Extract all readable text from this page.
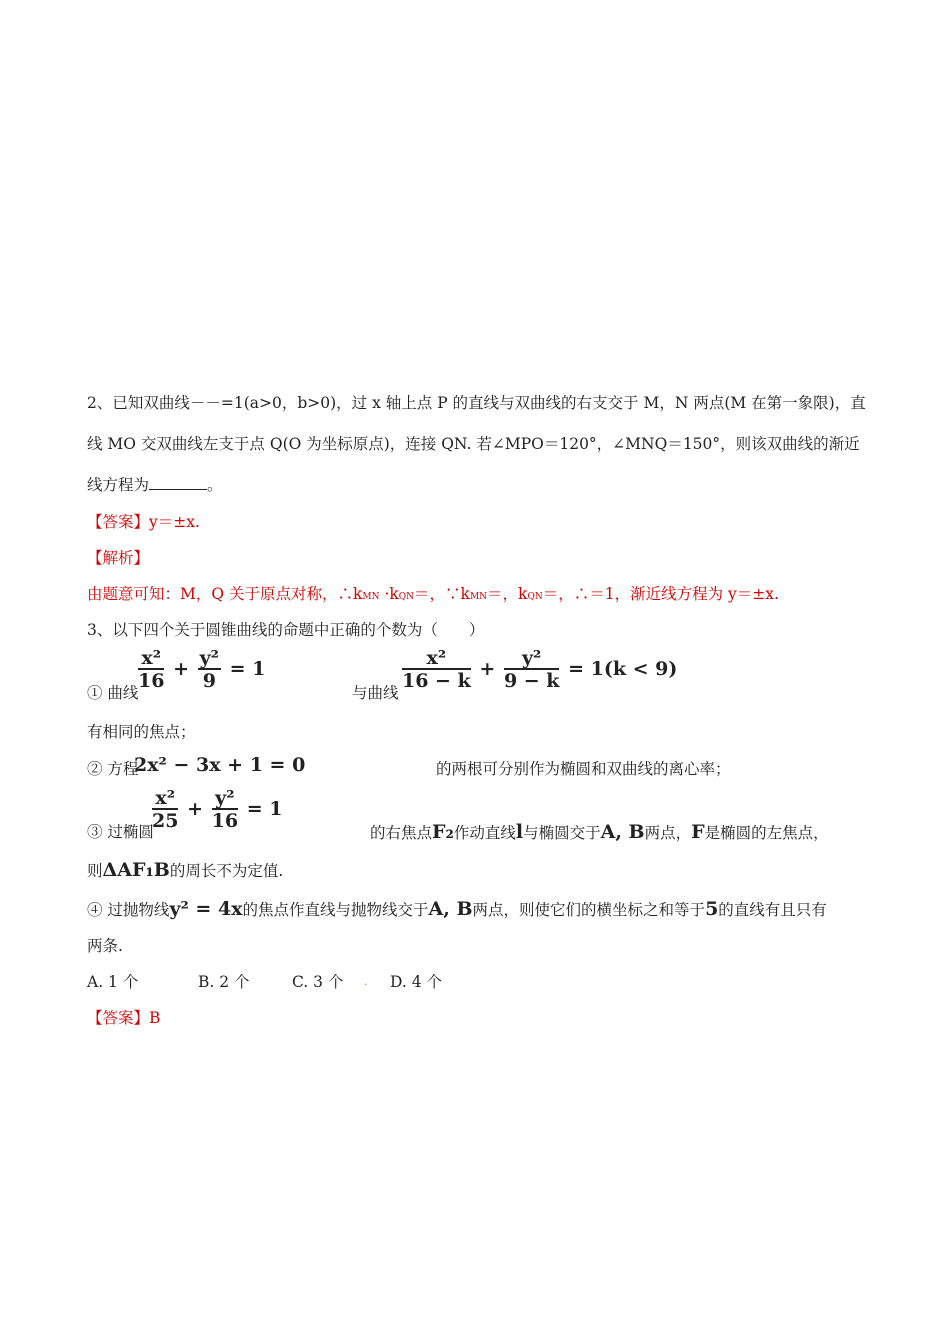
2、已知双曲线－－=1(a>0，b>0)，过 x 轴上点 P 的直线与双曲线的右支交于 M，N 两点(M 在第一象限)，直
线 MO 交双曲线左支于点 Q(O 为坐标原点)，连接 QN. 若∠MPO＝120°，∠MNQ＝150°，则该双曲线的渐近
线方程为	。
【答案】y＝±x.
【解析】
由题意可知：M，Q 关于原点对称，∴kMN ·kQN＝，∵kMN＝，kQN＝，∴＝1，渐近线方程为 y＝±x.
3、以下四个关于圆锥曲线的命题中正确的个数为（　　）
① 曲线
$\frac{\text{x²}}{16} + \frac{\text{y²}}{9} = 1$
与曲线
$\frac{\text{x²}}{16 - k} + \frac{\text{y²}}{9 - k} = 1(k < 9)$
有相同的焦点；
② 方程
2x² − 3x + 1 = 0	的两根可分别作为椭圆和双曲线的离心率；
③ 过椭圆
$\frac{\text{x²}}{25} + \frac{\text{y²}}{16} = 1$
的右焦点F₂作动直线l与椭圆交于A, B两点，F是椭圆的左焦点，
则ΔAF₁B的周长不为定值.
④ 过抛物线y² = 4x的焦点作直线与抛物线交于A, B两点，则使它们的横坐标之和等于5的直线有且只有
两条.
A. 1 个	B. 2 个	C. 3 个 . D. 4 个
【答案】B
